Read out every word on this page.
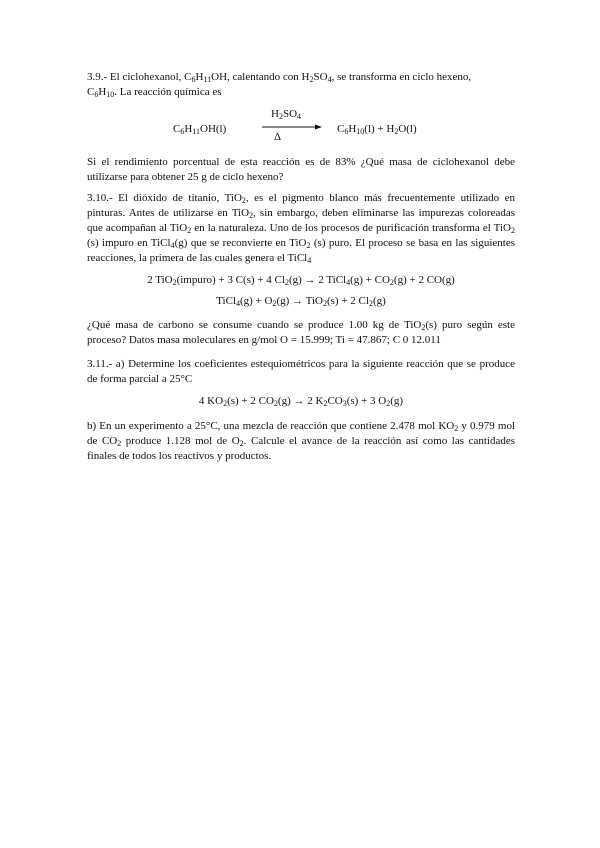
3.9.- El ciclohexanol, $C_6H_{11}OH$, calentando con $H_2SO_4$, se transforma en ciclo hexeno,
$C_6H_{10}$. La reacción química es

$C_6H_{11}OH(l)$
$H_2SO_4$
Δ
$C_6H_{10}(l) + H_2O(l)$

Si el rendimiento porcentual de esta reacción es de 83% ¿Qué masa de ciclohexanol debe utilizarse para obtener 25 g de ciclo hexeno?

3.10.- El dióxido de titanio, TiO$_2$, es el pigmento blanco más frecuentemente utilizado en pinturas. Antes de utilizarse en TiO$_2$, sin embargo, deben eliminarse las impurezas coloreadas que acompañan al TiO$_2$ en la naturaleza. Uno de los procesos de purificación transforma el TiO$_2$ (s) impuro en TiCl$_4$(g) que se reconvierte en TiO$_2$ (s) puro. El proceso se basa en las siguientes reacciones, la primera de las cuales genera el TiCl$_4$

2 TiO$_2$(impuro) + 3 C(s) + 4 $Cl_2(g) \to 2$ TiCl$_4$(g) + $CO_2(g) + 2$ CO(g)

TiCl$_4$(g) + $O_2(g) \to TiO_2(s) + 2$ $Cl_2(g)$

¿Qué masa de carbono se consume cuando se produce 1.00 kg de TiO$_2$(s) puro según este proceso? Datos masa moleculares en g/mol O = 15.999; Ti = 47.867; C 0 12.011

3.11.- a) Determine los coeficientes estequiométricos para la siguiente reacción que se produce de forma parcial a 25°C

4 $KO_2(s) + 2$ $CO_2(g) \to 2$ $K_2CO_3(s) + 3$ $O_2(g)$

b) En un experimento a 25°C, una mezcla de reacción que contiene 2.478 mol $KO_2$ y 0.979 mol de $CO_2$ produce 1.128 mol de $O_2$. Calcule el avance de la reacción así como las cantidades finales de todos los reactivos y productos.
